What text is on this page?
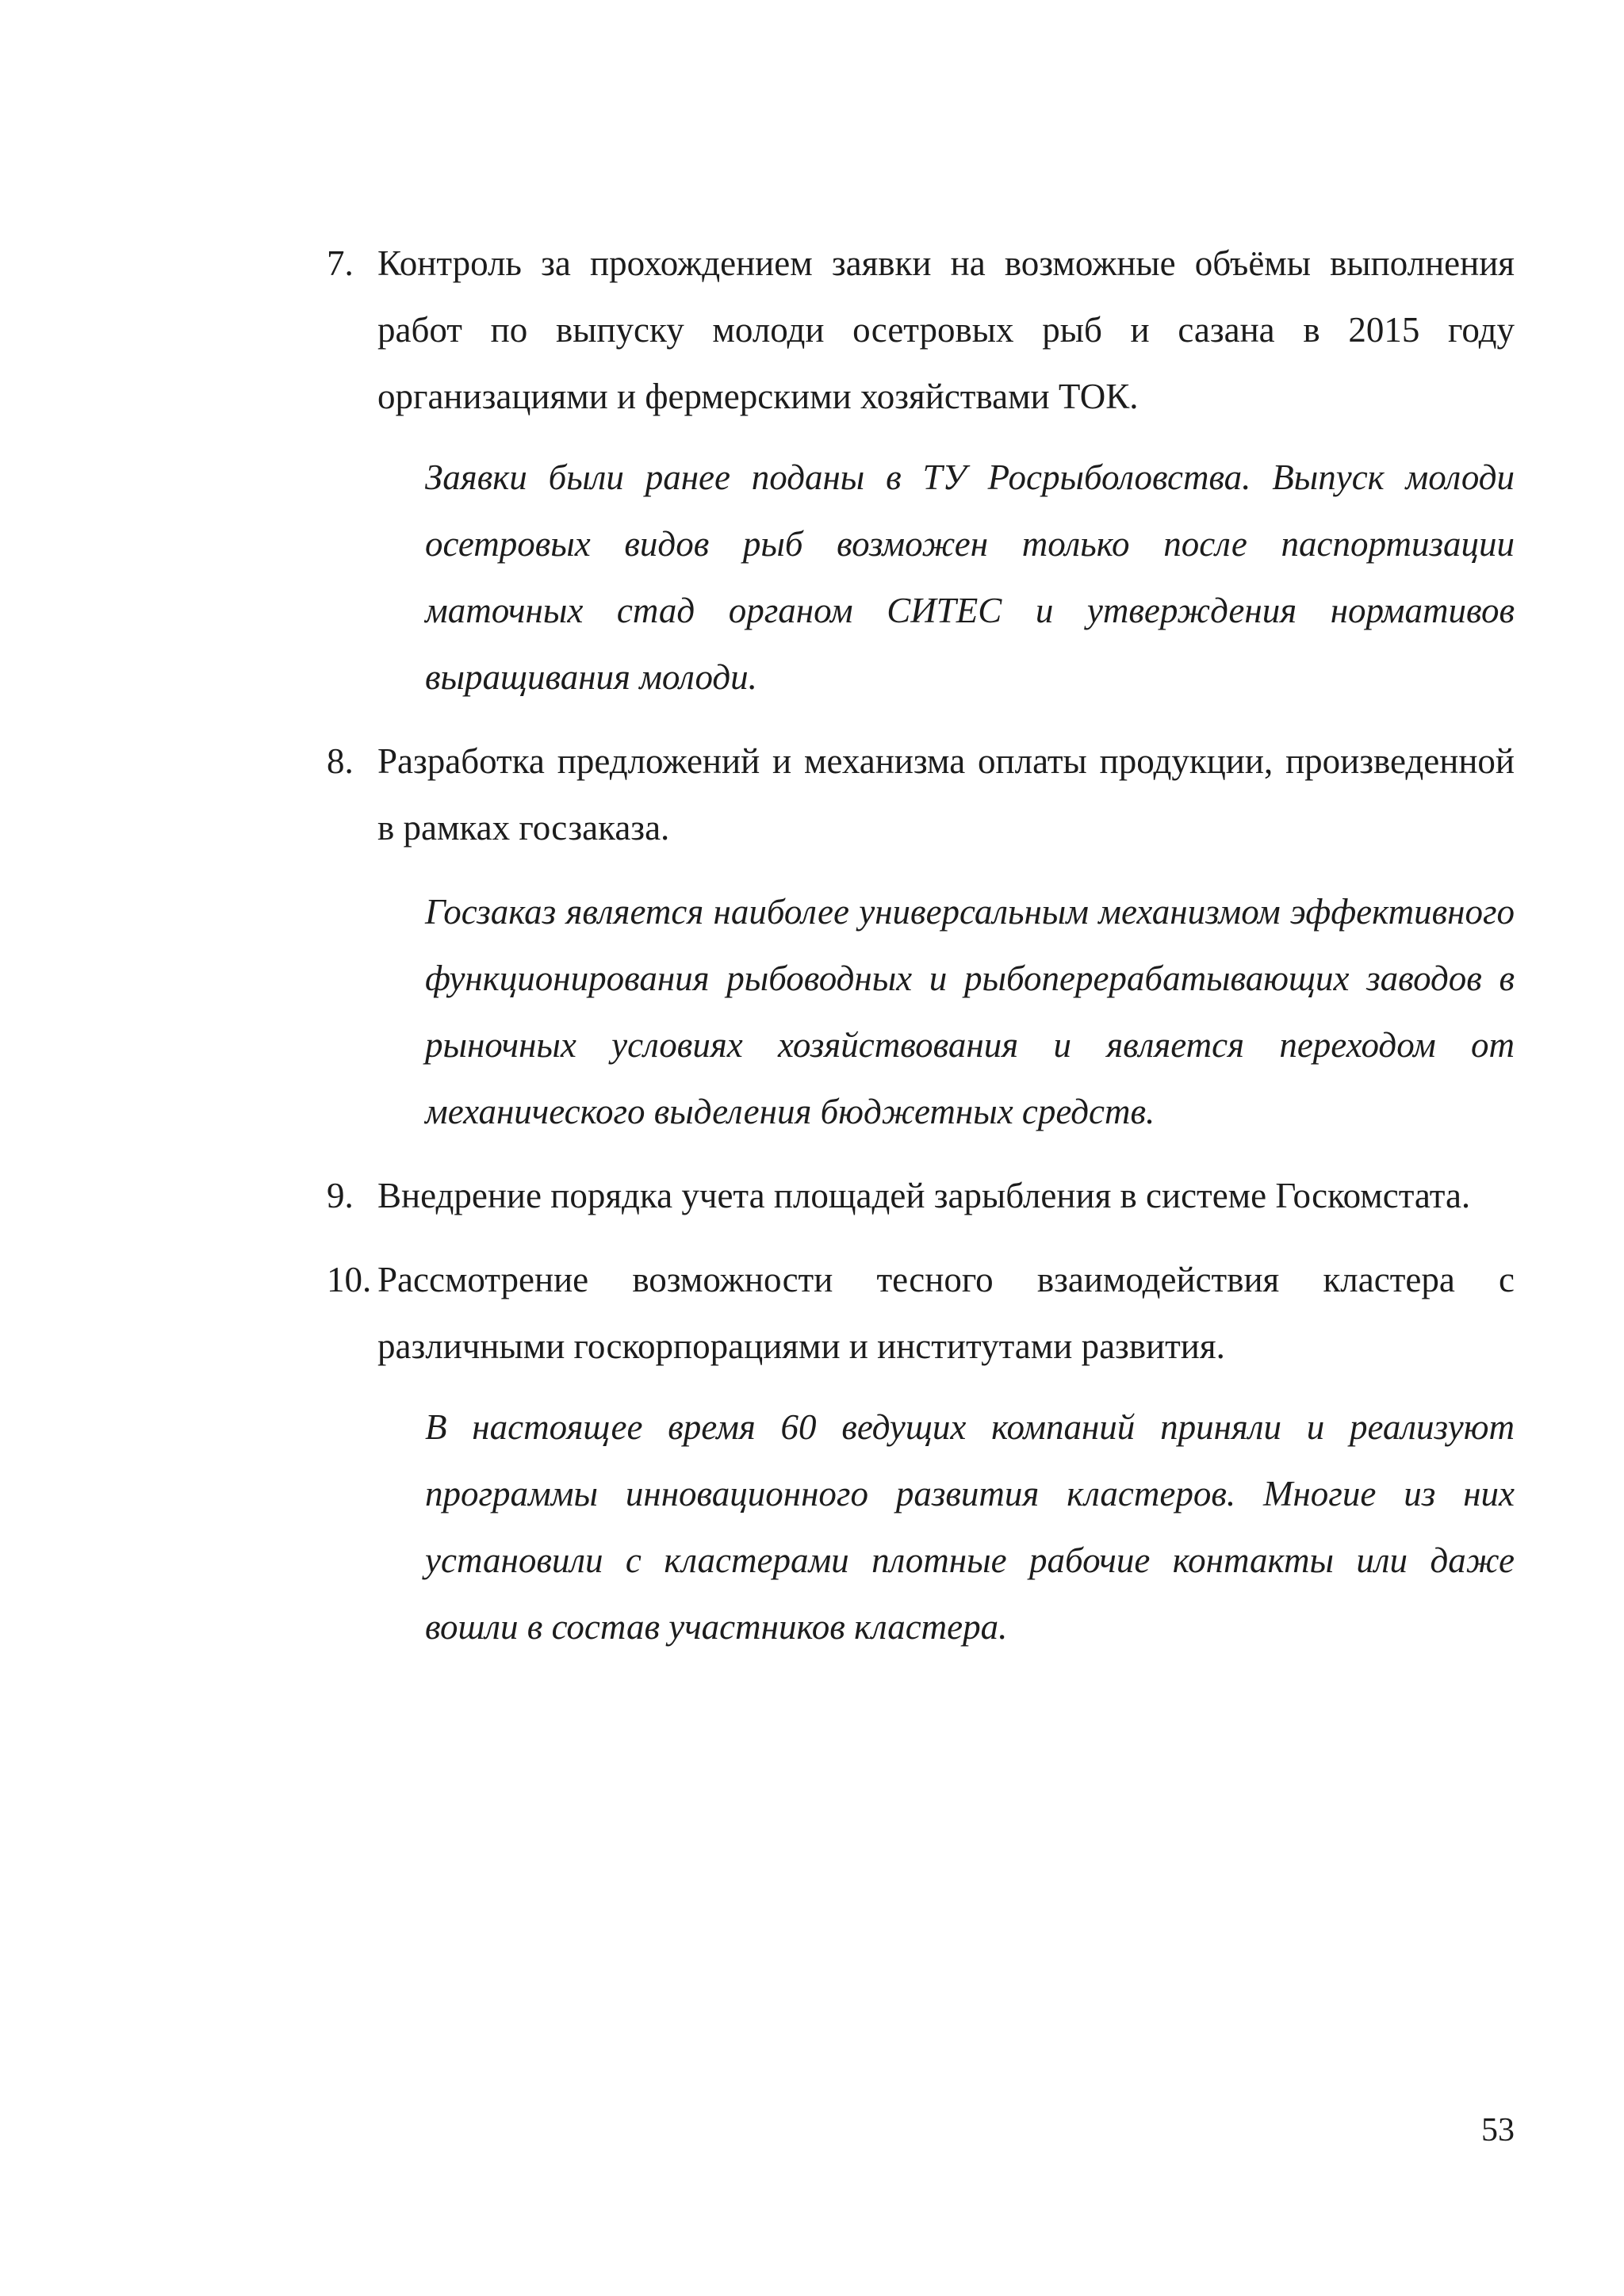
7. Контроль за прохождением заявки на возможные объёмы выполнения работ по выпуску молоди осетровых рыб и сазана в 2015 году организациями и фермерскими хозяйствами ТОК.
Заявки были ранее поданы в ТУ Росрыболовства. Выпуск молоди осетровых видов рыб возможен только после паспортизации маточных стад органом СИТЕС и утверждения нормативов выращивания молоди.
8. Разработка предложений и механизма оплаты продукции, произведенной в рамках госзаказа.
Госзаказ является наиболее универсальным механизмом эффективного функционирования рыбоводных и рыбоперерабатывающих заводов в рыночных условиях хозяйствования и является переходом от механического выделения бюджетных средств.
9. Внедрение порядка учета площадей зарыбления в системе Госкомстата.
10. Рассмотрение возможности тесного взаимодействия кластера с различными госкорпорациями и институтами развития.
В настоящее время 60 ведущих компаний приняли и реализуют программы инновационного развития кластеров. Многие из них установили с кластерами плотные рабочие контакты или даже вошли в состав участников кластера.
53
